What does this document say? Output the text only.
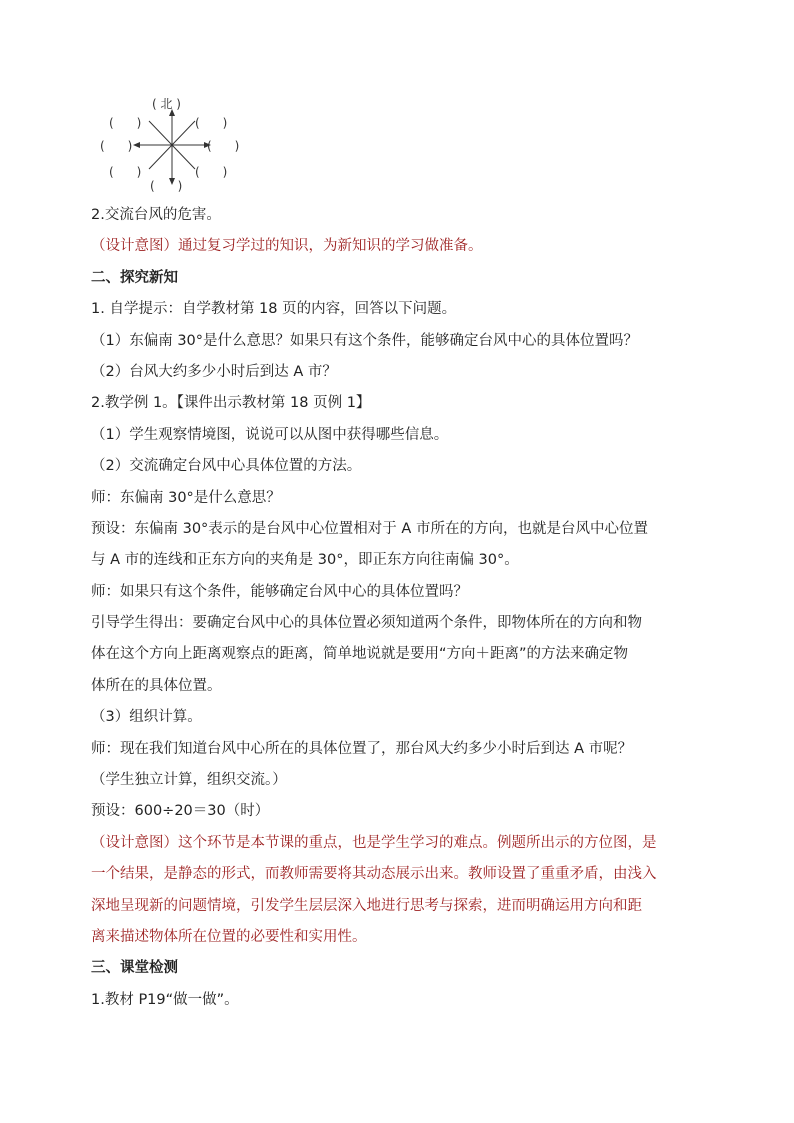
( 北 )
(      )	(      )
(      )	(      )
(      )	(      )
(      )
2.交流台风的危害。
（设计意图）通过复习学过的知识，为新知识的学习做准备。
二、探究新知
1. 自学提示：自学教材第 18 页的内容，回答以下问题。
（1）东偏南 30°是什么意思？如果只有这个条件，能够确定台风中心的具体位置吗？
（2）台风大约多少小时后到达 A 市？
2.教学例 1。【课件出示教材第 18 页例 1】
（1）学生观察情境图，说说可以从图中获得哪些信息。
（2）交流确定台风中心具体位置的方法。
师：东偏南 30°是什么意思？
预设：东偏南 30°表示的是台风中心位置相对于 A 市所在的方向，也就是台风中心位置
与 A 市的连线和正东方向的夹角是 30°，即正东方向往南偏 30°。
师：如果只有这个条件，能够确定台风中心的具体位置吗？
引导学生得出：要确定台风中心的具体位置必须知道两个条件，即物体所在的方向和物
体在这个方向上距离观察点的距离，简单地说就是要用“方向＋距离”的方法来确定物
体所在的具体位置。
（3）组织计算。
师：现在我们知道台风中心所在的具体位置了，那台风大约多少小时后到达 A 市呢？
（学生独立计算，组织交流。）
预设：600÷20＝30（时）
（设计意图）这个环节是本节课的重点，也是学生学习的难点。例题所出示的方位图，是
一个结果，是静态的形式，而教师需要将其动态展示出来。教师设置了重重矛盾，由浅入
深地呈现新的问题情境，引发学生层层深入地进行思考与探索，进而明确运用方向和距
离来描述物体所在位置的必要性和实用性。
三、课堂检测
1.教材 P19“做一做”。
